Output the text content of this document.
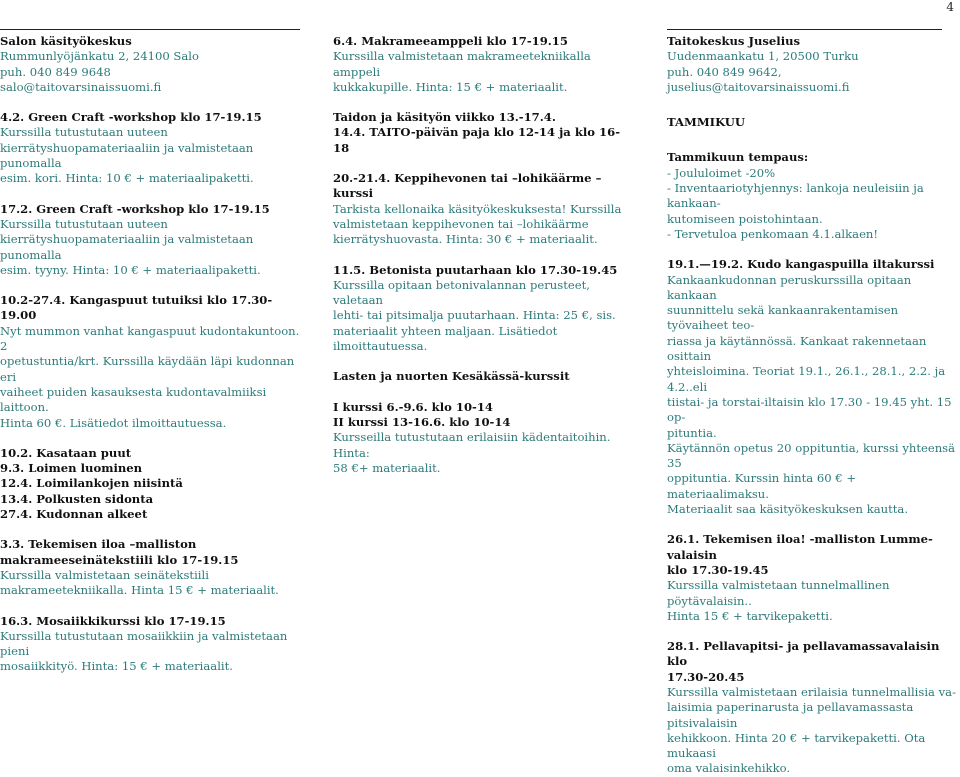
4
Salon käsityökeskus
Rummunlyöjänkatu 2, 24100 Salo
puh. 040 849 9648
salo@taitovarsinaissuomi.fi
4.2. Green Craft -workshop klo 17-19.15
Kurssilla tutustutaan uuteen
kierrätyshuopamateriaaliin ja valmistetaan punomalla
esim. kori. Hinta: 10 € + materiaalipaketti.
17.2. Green Craft -workshop klo 17-19.15
Kurssilla tutustutaan uuteen
kierrätyshuopamateriaaliin ja valmistetaan punomalla
esim. tyyny. Hinta: 10 € + materiaalipaketti.
10.2-27.4. Kangaspuut tutuiksi klo 17.30-19.00
Nyt mummon vanhat kangaspuut kudontakuntoon. 2
opetustuntia/krt. Kurssilla käydään läpi kudonnan eri
vaiheet puiden kasauksesta kudontavalmiiksi laittoon.
Hinta 60 €. Lisätiedot ilmoittautuessa.
10.2. Kasataan puut
9.3. Loimen luominen
12.4. Loimilankojen niisintä
13.4. Polkusten sidonta
27.4. Kudonnan alkeet
3.3. Tekemisen iloa –malliston
makrameeseinätekstiili klo 17-19.15
Kurssilla valmistetaan seinätekstiili
makrameetekniikalla. Hinta 15 € + materiaalit.
16.3. Mosaiikkikurssi klo 17-19.15
Kurssilla tutustutaan mosaiikkiin ja valmistetaan pieni
mosaiikkityö. Hinta: 15 € + materiaalit.
6.4. Makrameeamppeli klo 17-19.15
Kurssilla valmistetaan makrameetekniikalla amppeli
kukkakupille. Hinta: 15 € + materiaalit.
Taidon ja käsityön viikko 13.-17.4.
14.4. TAITO-päivän paja klo 12-14 ja klo 16-18
20.-21.4. Keppihevonen tai –lohikäärme –kurssi
Tarkista kellonaika käsityökeskuksesta! Kurssilla
valmistetaan keppihevonen tai –lohikäärme
kierrätyshuovasta. Hinta: 30 € + materiaalit.
11.5. Betonista puutarhaan klo 17.30-19.45
Kurssilla opitaan betonivalannan perusteet, valetaan
lehti- tai pitsimalja puutarhaan. Hinta: 25 €, sis.
materiaalit yhteen maljaan. Lisätiedot ilmoittautuessa.
Lasten ja nuorten Kesäkässä-kurssit
I kurssi 6.-9.6. klo 10-14
II kurssi 13-16.6. klo 10-14
Kursseilla tutustutaan erilaisiin kädentaitoihin. Hinta:
58 €+ materiaalit.
Taitokeskus Juselius
Uudenmaankatu 1, 20500 Turku
puh. 040 849 9642,
juselius@taitovarsinaissuomi.fi
TAMMIKUU
Tammikuun tempaus:
- Joululoimet -20%
- Inventaariotyhjennys: lankoja neuleisiin ja kankaan-
kutomiseen poistohintaan.
- Tervetuloa penkomaan 4.1.alkaen!
19.1.—19.2. Kudo kangaspuilla iltakurssi
Kankaankudonnan peruskurssilla opitaan kankaan
suunnittelu sekä kankaanrakentamisen työvaiheet teo-
riassa ja käytännössä. Kankaat rakennetaan osittain
yhteisloimina. Teoriat 19.1., 26.1., 28.1., 2.2. ja 4.2..eli
tiistai- ja torstai-iltaisin klo 17.30 - 19.45 yht. 15 op-
pituntia.
Käytännön opetus 20 oppituntia, kurssi yhteensä 35
oppituntia. Kurssin hinta 60 € + materiaalimaksu.
Materiaalit saa käsityökeskuksen kautta.
26.1. Tekemisen iloa! -malliston Lumme-valaisin
klo 17.30-19.45
Kurssilla valmistetaan tunnelmallinen pöytävalaisin..
Hinta 15 € + tarvikepaketti.
28.1. Pellavapitsi- ja pellavamassavalaisin klo
17.30-20.45
Kurssilla valmistetaan erilaisia tunnelmallisia va-
laisimia paperinarusta ja pellavamassasta pitsivalaisin
kehikkoon. Hinta 20 € + tarvikepaketti. Ota mukaasi
oma valaisinkehikko.
